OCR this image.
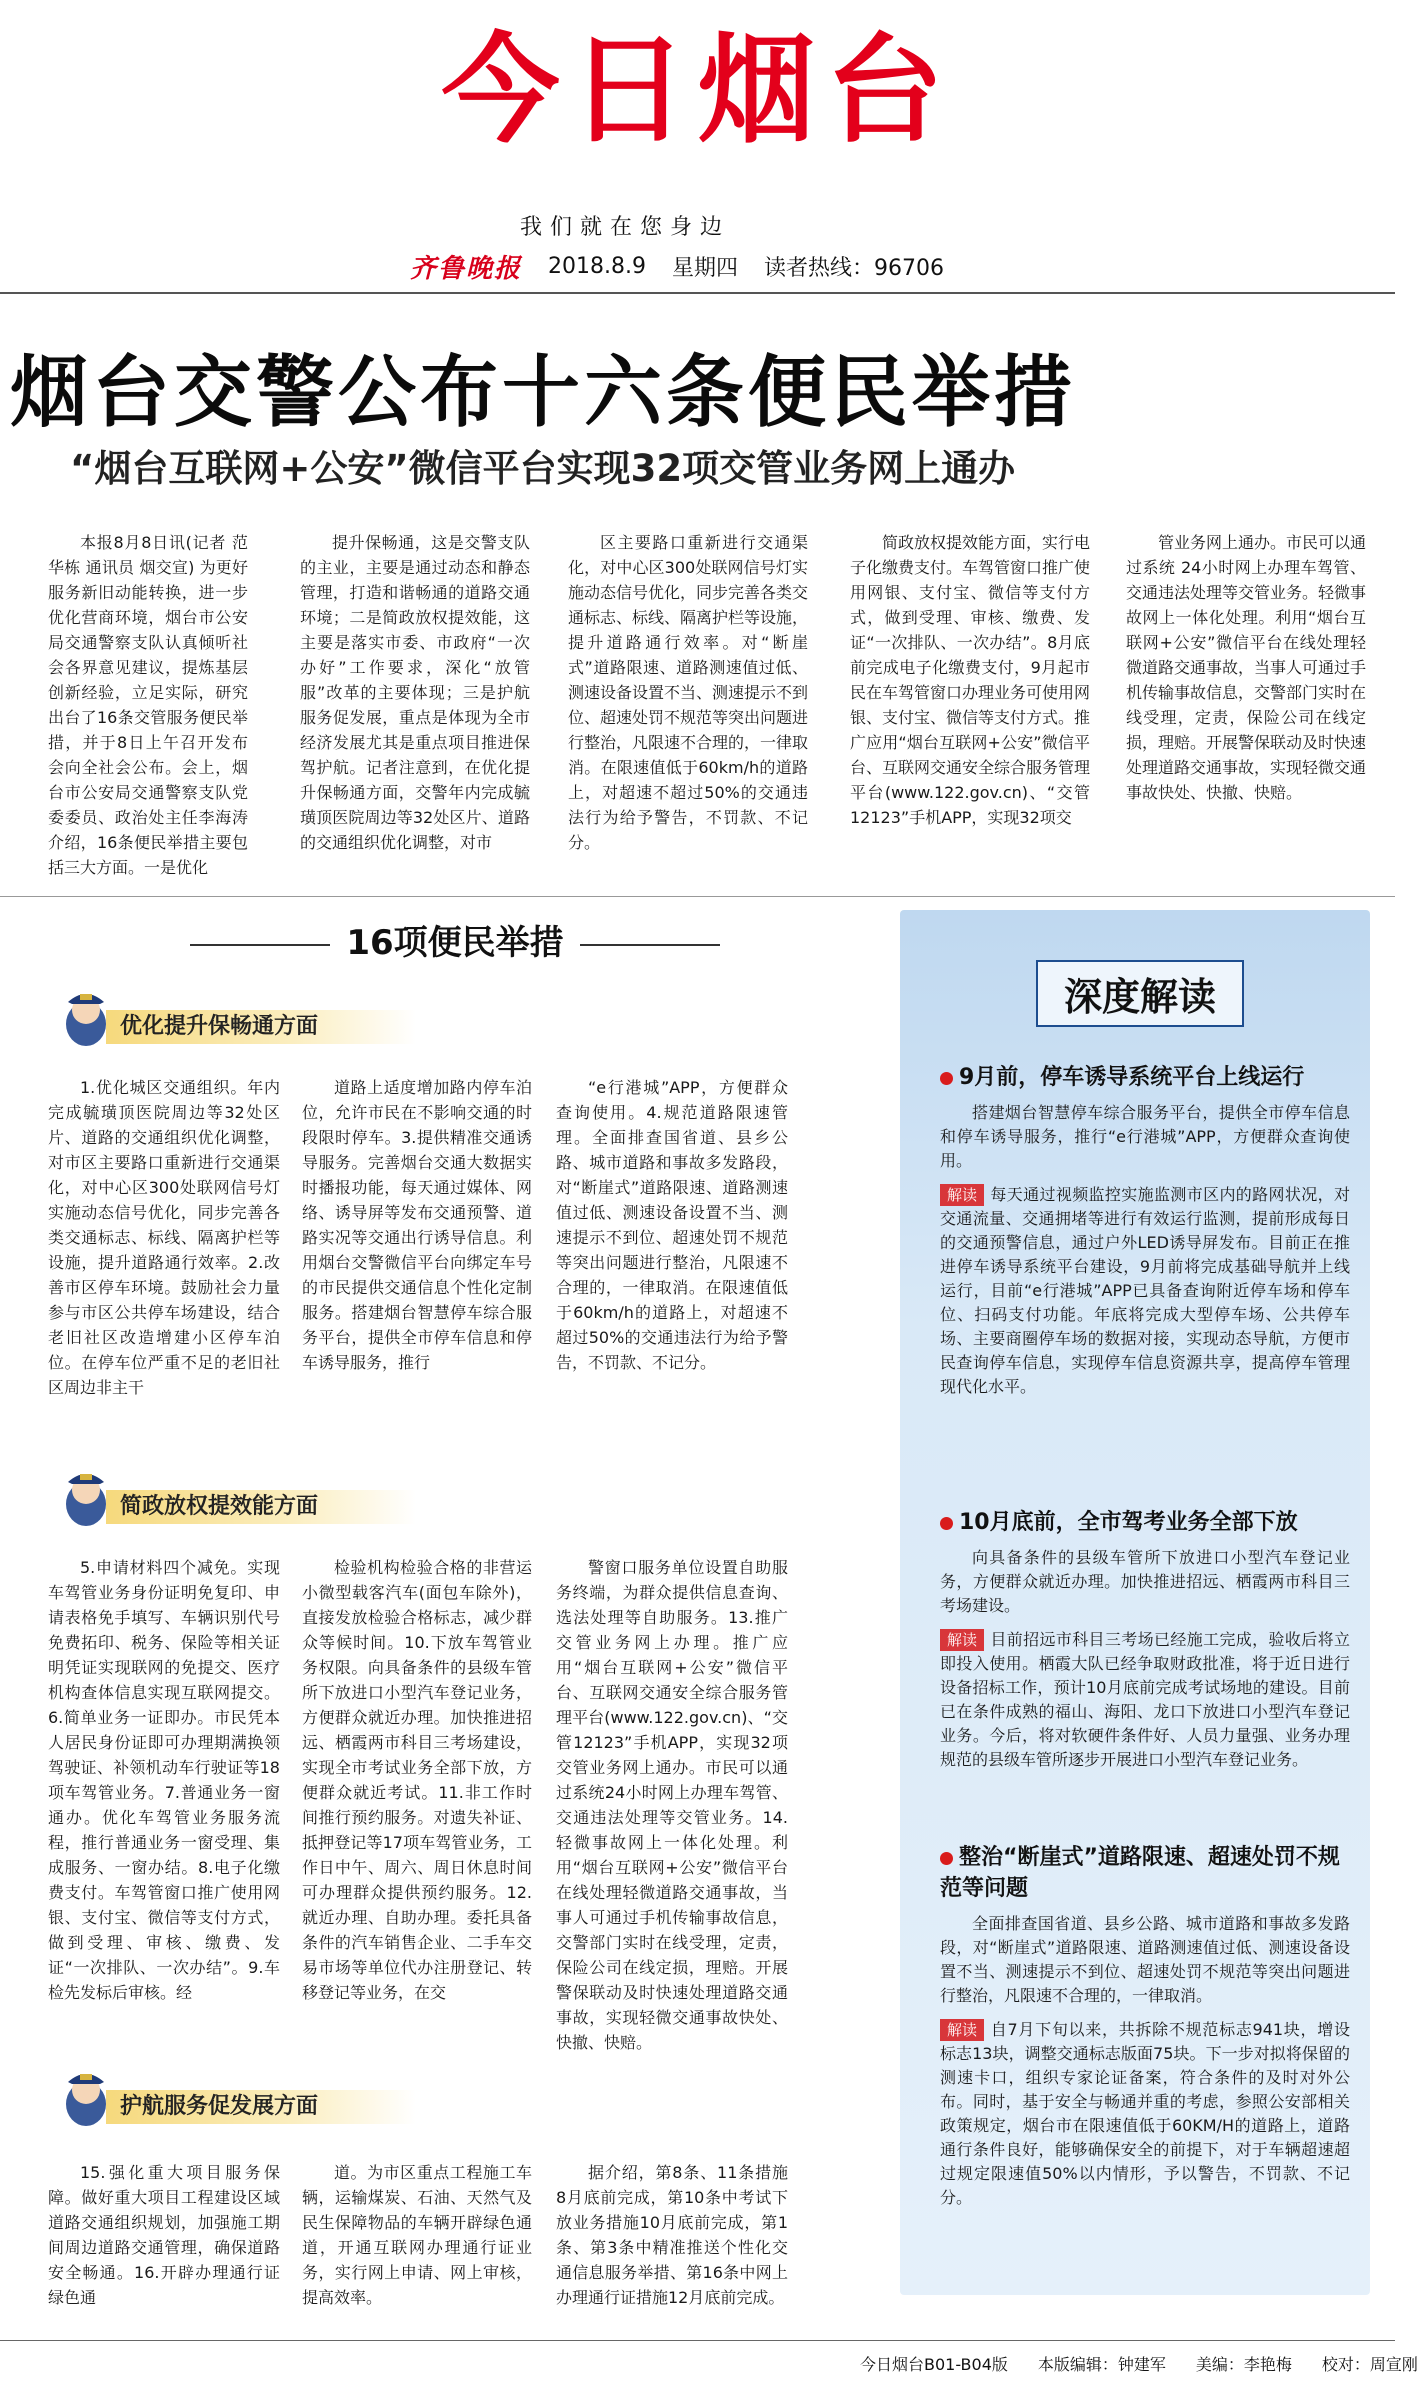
今日烟台
我们就在您身边
齐鲁晚报 2018.8.9 星期四 读者热线：96706
烟台交警公布十六条便民举措
“烟台互联网+公安”微信平台实现32项交管业务网上通办

本报8月8日讯(记者 范华栋 通讯员 烟交宣) 为更好服务新旧动能转换，进一步优化营商环境，烟台市公安局交通警察支队认真倾听社会各界意见建议，提炼基层创新经验，立足实际，研究出台了16条交管服务便民举措，并于8日上午召开发布会向全社会公布。会上，烟台市公安局交通警察支队党委委员、政治处主任李海涛介绍，16条便民举措主要包括三大方面。一是优化

提升保畅通，这是交警支队的主业，主要是通过动态和静态管理，打造和谐畅通的道路交通环境；二是简政放权提效能，这主要是落实市委、市政府“一次办好”工作要求，深化“放管服”改革的主要体现；三是护航服务促发展，重点是体现为全市经济发展尤其是重点项目推进保驾护航。记者注意到，在优化提升保畅通方面，交警年内完成毓璜顶医院周边等32处区片、道路的交通组织优化调整，对市

区主要路口重新进行交通渠化，对中心区300处联网信号灯实施动态信号优化，同步完善各类交通标志、标线、隔离护栏等设施，提升道路通行效率。对“断崖式”道路限速、道路测速值过低、测速设备设置不当、测速提示不到位、超速处罚不规范等突出问题进行整治，凡限速不合理的，一律取消。在限速值低于60km/h的道路上，对超速不超过50%的交通违法行为给予警告，不罚款、不记分。

简政放权提效能方面，实行电子化缴费支付。车驾管窗口推广使用网银、支付宝、微信等支付方式，做到受理、审核、缴费、发证“一次排队、一次办结”。8月底前完成电子化缴费支付，9月起市民在车驾管窗口办理业务可使用网银、支付宝、微信等支付方式。推广应用“烟台互联网+公安”微信平台、互联网交通安全综合服务管理平台(www.122.gov.cn)、“交管12123”手机APP，实现32项交

管业务网上通办。市民可以通过系统 24小时网上办理车驾管、交通违法处理等交管业务。轻微事故网上一体化处理。利用“烟台互联网+公安”微信平台在线处理轻微道路交通事故，当事人可通过手机传输事故信息，交警部门实时在线受理，定责，保险公司在线定损，理赔。开展警保联动及时快速处理道路交通事故，实现轻微交通事故快处、快撤、快赔。

16项便民举措
优化提升保畅通方面

1.优化城区交通组织。年内完成毓璜顶医院周边等32处区片、道路的交通组织优化调整，对市区主要路口重新进行交通渠化，对中心区300处联网信号灯实施动态信号优化，同步完善各类交通标志、标线、隔离护栏等设施，提升道路通行效率。2.改善市区停车环境。鼓励社会力量参与市区公共停车场建设，结合老旧社区改造增建小区停车泊位。在停车位严重不足的老旧社区周边非主干

道路上适度增加路内停车泊位，允许市民在不影响交通的时段限时停车。3.提供精准交通诱导服务。完善烟台交通大数据实时播报功能，每天通过媒体、网络、诱导屏等发布交通预警、道路实况等交通出行诱导信息。利用烟台交警微信平台向绑定车号的市民提供交通信息个性化定制服务。搭建烟台智慧停车综合服务平台，提供全市停车信息和停车诱导服务，推行

“e行港城”APP，方便群众查询使用。4.规范道路限速管理。全面排查国省道、县乡公路、城市道路和事故多发路段，对“断崖式”道路限速、道路测速值过低、测速设备设置不当、测速提示不到位、超速处罚不规范等突出问题进行整治，凡限速不合理的，一律取消。在限速值低于60km/h的道路上，对超速不超过50%的交通违法行为给予警告，不罚款、不记分。

简政放权提效能方面

5.申请材料四个减免。实现车驾管业务身份证明免复印、申请表格免手填写、车辆识别代号免费拓印、税务、保险等相关证明凭证实现联网的免提交、医疗机构查体信息实现互联网提交。6.简单业务一证即办。市民凭本人居民身份证即可办理期满换领驾驶证、补领机动车行驶证等18项车驾管业务。7.普通业务一窗通办。优化车驾管业务服务流程，推行普通业务一窗受理、集成服务、一窗办结。8.电子化缴费支付。车驾管窗口推广使用网银、支付宝、微信等支付方式，做到受理、审核、缴费、发证“一次排队、一次办结”。9.车检先发标后审核。经

检验机构检验合格的非营运小微型载客汽车(面包车除外)，直接发放检验合格标志，减少群众等候时间。10.下放车驾管业务权限。向具备条件的县级车管所下放进口小型汽车登记业务，方便群众就近办理。加快推进招远、栖霞两市科目三考场建设，实现全市考试业务全部下放，方便群众就近考试。11.非工作时间推行预约服务。对遗失补证、抵押登记等17项车驾管业务，工作日中午、周六、周日休息时间可办理群众提供预约服务。12.就近办理、自助办理。委托具备条件的汽车销售企业、二手车交易市场等单位代办注册登记、转移登记等业务，在交

警窗口服务单位设置自助服务终端，为群众提供信息查询、选法处理等自助服务。13.推广交管业务网上办理。推广应用“烟台互联网+公安”微信平台、互联网交通安全综合服务管理平台(www.122.gov.cn)、“交管12123”手机APP，实现32项交管业务网上通办。市民可以通过系统24小时网上办理车驾管、交通违法处理等交管业务。14.轻微事故网上一体化处理。利用“烟台互联网+公安”微信平台在线处理轻微道路交通事故，当事人可通过手机传输事故信息，交警部门实时在线受理，定责，保险公司在线定损，理赔。开展警保联动及时快速处理道路交通事故，实现轻微交通事故快处、快撤、快赔。

护航服务促发展方面

15.强化重大项目服务保障。做好重大项目工程建设区域道路交通组织规划，加强施工期间周边道路交通管理，确保道路安全畅通。16.开辟办理通行证绿色通

道。为市区重点工程施工车辆，运输煤炭、石油、天然气及民生保障物品的车辆开辟绿色通道，开通互联网办理通行证业务，实行网上申请、网上审核，提高效率。

据介绍，第8条、11条措施8月底前完成，第10条中考试下放业务措施10月底前完成，第1条、第3条中精准推送个性化交通信息服务举措、第16条中网上办理通行证措施12月底前完成。

深度解读
9月前，停车诱导系统平台上线运行
搭建烟台智慧停车综合服务平台，提供全市停车信息和停车诱导服务，推行“e行港城”APP，方便群众查询使用。
解读 每天通过视频监控实施监测市区内的路网状况，对交通流量、交通拥堵等进行有效运行监测，提前形成每日的交通预警信息，通过户外LED诱导屏发布。目前正在推进停车诱导系统平台建设，9月前将完成基础导航并上线运行，目前“e行港城”APP已具备查询附近停车场和停车位、扫码支付功能。年底将完成大型停车场、公共停车场、主要商圈停车场的数据对接，实现动态导航，方便市民查询停车信息，实现停车信息资源共享，提高停车管理现代化水平。
10月底前，全市驾考业务全部下放
向具备条件的县级车管所下放进口小型汽车登记业务，方便群众就近办理。加快推进招远、栖霞两市科目三考场建设。
解读 目前招远市科目三考场已经施工完成，验收后将立即投入使用。栖霞大队已经争取财政批准，将于近日进行设备招标工作，预计10月底前完成考试场地的建设。目前已在条件成熟的福山、海阳、龙口下放进口小型汽车登记业务。今后，将对软硬件条件好、人员力量强、业务办理规范的县级车管所逐步开展进口小型汽车登记业务。
整治“断崖式”道路限速、超速处罚不规范等问题
全面排查国省道、县乡公路、城市道路和事故多发路段，对“断崖式”道路限速、道路测速值过低、测速设备设置不当、测速提示不到位、超速处罚不规范等突出问题进行整治，凡限速不合理的，一律取消。
解读 自7月下旬以来，共拆除不规范标志941块，增设标志13块，调整交通标志版面75块。下一步对拟将保留的测速卡口，组织专家论证备案，符合条件的及时对外公布。同时，基于安全与畅通并重的考虑，参照公安部相关政策规定，烟台市在限速值低于60KM/H的道路上，道路通行条件良好，能够确保安全的前提下，对于车辆超速超过规定限速值50%以内情形，予以警告，不罚款、不记分。
今日烟台B01-B04版 本版编辑：钟建军 美编：李艳梅 校对：周宣刚
